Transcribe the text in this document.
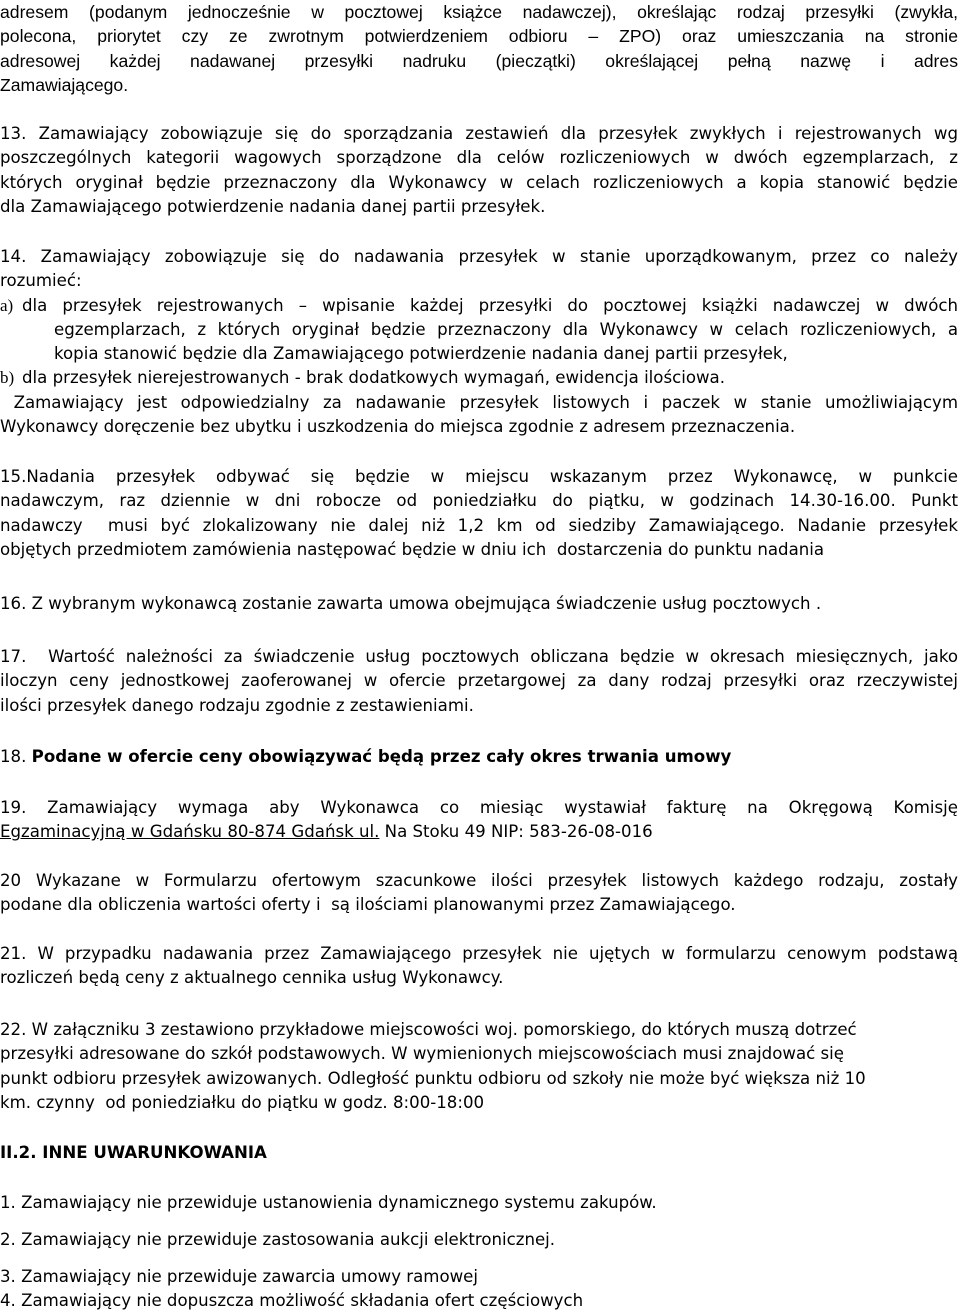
adresem (podanym jednocześnie w pocztowej książce nadawczej), określając rodzaj przesyłki (zwykła,
polecona, priorytet czy ze zwrotnym potwierdzeniem odbioru – ZPO) oraz umieszczania na stronie
adresowej każdej nadawanej przesyłki nadruku (pieczątki) określającej pełną nazwę i adres
Zamawiającego.
13. Zamawiający zobowiązuje się do sporządzania zestawień dla przesyłek zwykłych i rejestrowanych wg
poszczególnych kategorii wagowych sporządzone dla celów rozliczeniowych w dwóch egzemplarzach, z
których oryginał będzie przeznaczony dla Wykonawcy w celach rozliczeniowych a kopia stanowić będzie
dla Zamawiającego potwierdzenie nadania danej partii przesyłek.
14. Zamawiający zobowiązuje się do nadawania przesyłek w stanie uporządkowanym, przez co należy
rozumieć:
a) dla przesyłek rejestrowanych – wpisanie każdej przesyłki do pocztowej książki nadawczej w dwóch
egzemplarzach, z których oryginał będzie przeznaczony dla Wykonawcy w celach rozliczeniowych, a
kopia stanowić będzie dla Zamawiającego potwierdzenie nadania danej partii przesyłek,
b) dla przesyłek nierejestrowanych - brak dodatkowych wymagań, ewidencja ilościowa.
Zamawiający jest odpowiedzialny za nadawanie przesyłek listowych i paczek w stanie umożliwiającym
Wykonawcy doręczenie bez ubytku i uszkodzenia do miejsca zgodnie z adresem przeznaczenia.
15.Nadania przesyłek odbywać się będzie w miejscu wskazanym przez Wykonawcę, w punkcie
nadawczym, raz dziennie w dni robocze od poniedziałku do piątku, w godzinach 14.30-16.00. Punkt
nadawczy  musi być zlokalizowany nie dalej niż 1,2 km od siedziby Zamawiającego. Nadanie przesyłek
objętych przedmiotem zamówienia następować będzie w dniu ich  dostarczenia do punktu nadania
16. Z wybranym wykonawcą zostanie zawarta umowa obejmująca świadczenie usług pocztowych .
17.  Wartość należności za świadczenie usług pocztowych obliczana będzie w okresach miesięcznych, jako
iloczyn ceny jednostkowej zaoferowanej w ofercie przetargowej za dany rodzaj przesyłki oraz rzeczywistej
ilości przesyłek danego rodzaju zgodnie z zestawieniami.
18. Podane w ofercie ceny obowiązywać będą przez cały okres trwania umowy
19. Zamawiający wymaga aby Wykonawca co miesiąc wystawiał fakturę na Okręgową Komisję
Egzaminacyjną w Gdańsku 80-874 Gdańsk ul. Na Stoku 49 NIP: 583-26-08-016
20 Wykazane w Formularzu ofertowym szacunkowe ilości przesyłek listowych każdego rodzaju, zostały
podane dla obliczenia wartości oferty i  są ilościami planowanymi przez Zamawiającego.
21. W przypadku nadawania przez Zamawiającego przesyłek nie ujętych w formularzu cenowym podstawą
rozliczeń będą ceny z aktualnego cennika usług Wykonawcy.
22. W załączniku 3 zestawiono przykładowe miejscowości woj. pomorskiego, do których muszą dotrzeć
przesyłki adresowane do szkół podstawowych. W wymienionych miejscowościach musi znajdować się
punkt odbioru przesyłek awizowanych. Odległość punktu odbioru od szkoły nie może być większa niż 10
km. czynny  od poniedziałku do piątku w godz. 8:00-18:00
II.2. INNE UWARUNKOWANIA
1. Zamawiający nie przewiduje ustanowienia dynamicznego systemu zakupów.
2. Zamawiający nie przewiduje zastosowania aukcji elektronicznej.
3. Zamawiający nie przewiduje zawarcia umowy ramowej
4. Zamawiający nie dopuszcza możliwość składania ofert częściowych
